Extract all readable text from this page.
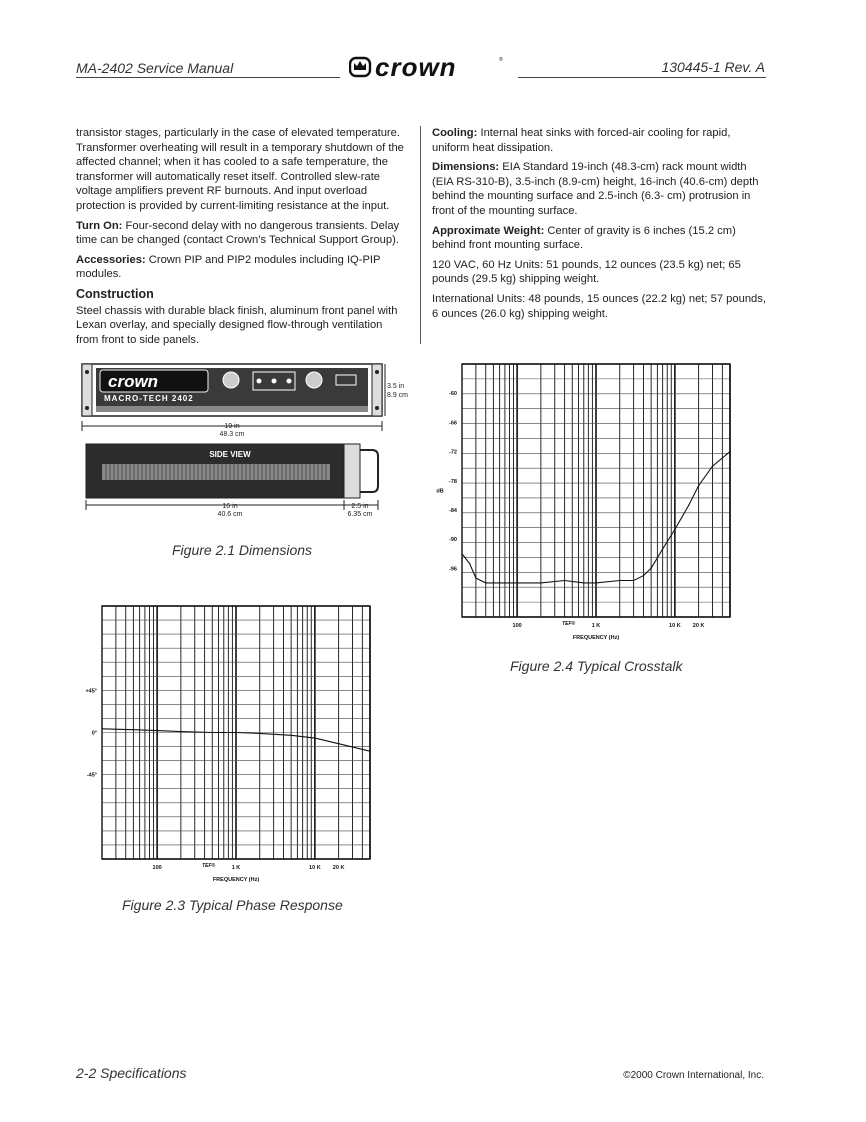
MA-2402 Service Manual	crown	®	130445-1 Rev. A

transistor stages, particularly in the case of elevated temperature. Transformer overheating will result in a temporary shutdown of the affected channel; when it has cooled to a safe temperature, the transformer will automatically reset itself. Controlled slew-rate voltage amplifiers prevent RF burnouts. And input overload protection is provided by current-limiting resistance at the input.

Turn On: Four-second delay with no dangerous transients. Delay time can be changed (contact Crown’s Technical Support Group).

Accessories: Crown PIP and PIP2 modules including IQ-PIP modules.

Construction

Steel chassis with durable black finish, aluminum front panel with Lexan overlay, and specially designed flow-through ventilation from front to side panels.

Cooling: Internal heat sinks with forced-air cooling for rapid, uniform heat dissipation.

Dimensions: EIA Standard 19-inch (48.3-cm) rack mount width (EIA RS-310-B), 3.5-inch (8.9-cm) height, 16-inch (40.6-cm) depth behind the mounting surface and 2.5-inch (6.3- cm) protrusion in front of the mounting surface.

Approximate Weight: Center of gravity is 6 inches (15.2 cm) behind front mounting surface.

120 VAC, 60 Hz Units: 51 pounds, 12 ounces (23.5 kg) net; 65 pounds (29.5 kg) shipping weight.

International Units: 48 pounds, 15 ounces (22.2 kg) net; 57 pounds, 6 ounces (26.0 kg) shipping weight.

crown
MACRO-TECH 2402
3.5 in
8.9 cm
19 in
48.3 cm
SIDE VIEW
16 in
40.6 cm
2.5 in
6.35 cm
Figure 2.1 Dimensions
+45°
0°
-45°
100	1 K	10 K 20 K
TEF®
FREQUENCY (Hz)
Figure 2.3 Typical Phase Response
-60
-66
-72
-78
-84
-90
-96
100	1 K	10 K 20 K
TEF®
FREQUENCY (Hz)
dB
Figure 2.4 Typical Crosstalk
2-2 Specifications	©2000 Crown International, Inc.
